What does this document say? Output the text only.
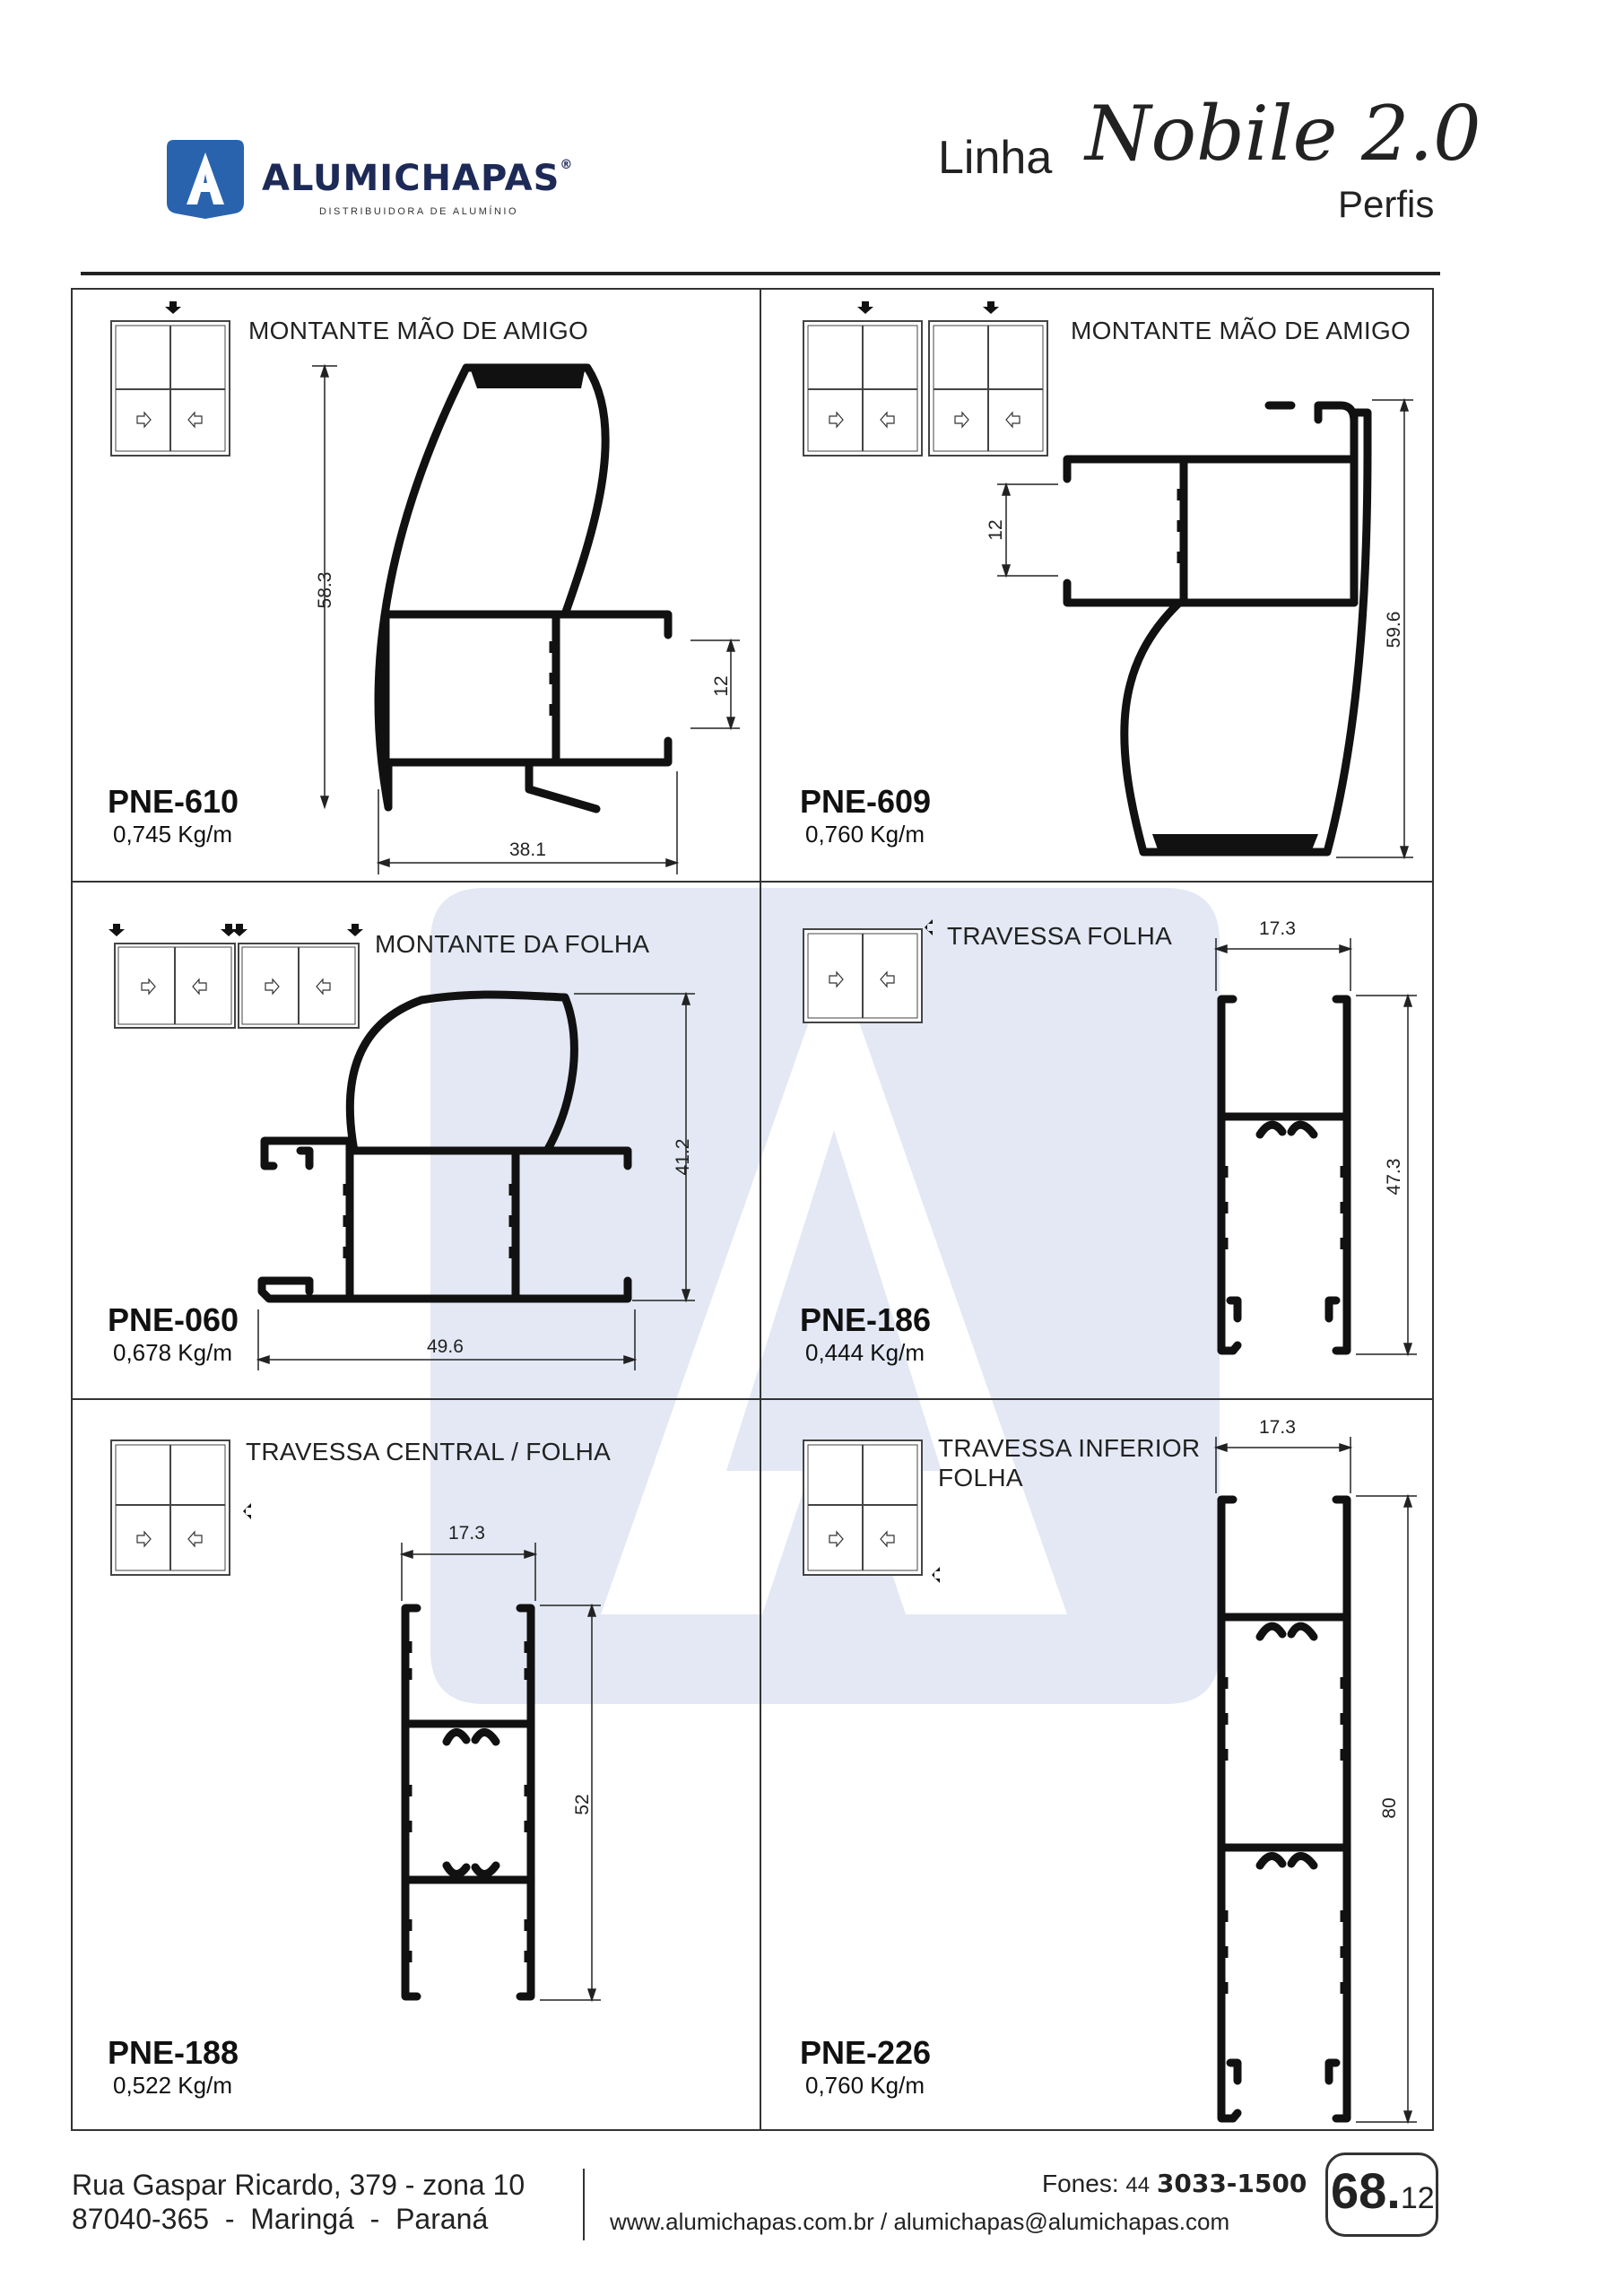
ALUMICHAPAS®
DISTRIBUIDORA DE ALUMÍNIO
Linha Nobile 2.0
Perfis
MONTANTE MÃO DE AMIGO
58.3
12
38.1
PNE-610
0,745 Kg/m
MONTANTE MÃO DE AMIGO
12
59.6
PNE-609
0,760 Kg/m
MONTANTE DA FOLHA
41.2
49.6
PNE-060
0,678 Kg/m
TRAVESSA FOLHA	17.3
47.3
PNE-186
0,444 Kg/m
TRAVESSA CENTRAL / FOLHA
17.3
52
PNE-188
0,522 Kg/m
TRAVESSA INFERIOR
FOLHA
17.3
80
PNE-226
0,760 Kg/m
Rua Gaspar Ricardo, 379 - zona 10
87040-365  -  Maringá  -  Paraná
Fones: 44 3033-1500
www.alumichapas.com.br / alumichapas@alumichapas.com
68.12
